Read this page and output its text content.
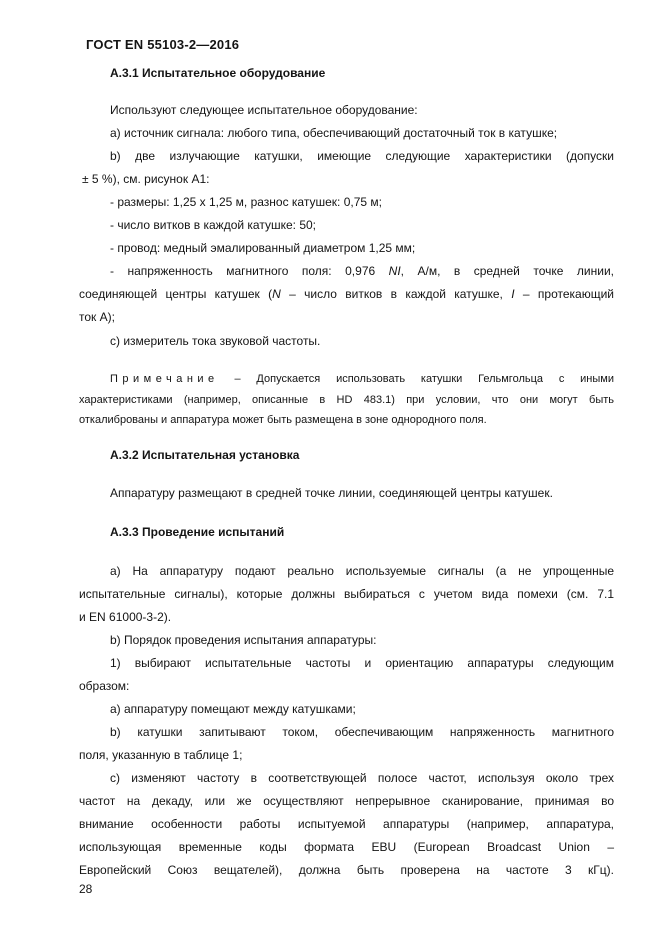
ГОСТ EN 55103-2—2016
А.3.1 Испытательное оборудование
Используют следующее испытательное оборудование:
а) источник сигнала: любого типа, обеспечивающий достаточный ток в катушке;
b) две излучающие катушки, имеющие следующие характеристики (допуски
± 5 %), см. рисунок А1:
- размеры: 1,25 х 1,25 м, разнос катушек: 0,75 м;
- число витков в каждой катушке: 50;
- провод: медный эмалированный диаметром 1,25 мм;
- напряженность магнитного поля: 0,976 NI, А/м, в средней точке линии,
соединяющей центры катушек (N – число витков в каждой катушке, I – протекающий
ток А);
с) измеритель тока звуковой частоты.
Примечание – Допускается использовать катушки Гельмгольца с иными
характеристиками (например, описанные в HD 483.1) при условии, что они могут быть
откалиброваны и аппаратура может быть размещена в зоне однородного поля.
А.3.2 Испытательная установка
Аппаратуру размещают в средней точке линии, соединяющей центры катушек.
А.3.3 Проведение испытаний
а) На аппаратуру подают реально используемые сигналы (а не упрощенные
испытательные сигналы), которые должны выбираться с учетом вида помехи (см. 7.1
и EN 61000-3-2).
b) Порядок проведения испытания аппаратуры:
1) выбирают испытательные частоты и ориентацию аппаратуры следующим
образом:
а) аппаратуру помещают между катушками;
b) катушки запитывают током, обеспечивающим напряженность магнитного
поля, указанную в таблице 1;
с) изменяют частоту в соответствующей полосе частот, используя около трех
частот на декаду, или же осуществляют непрерывное сканирование, принимая во
внимание особенности работы испытуемой аппаратуры (например, аппаратура,
использующая временные коды формата EBU (European Broadcast Union –
Европейский Союз вещателей), должна быть проверена на частоте 3 кГц).
28
